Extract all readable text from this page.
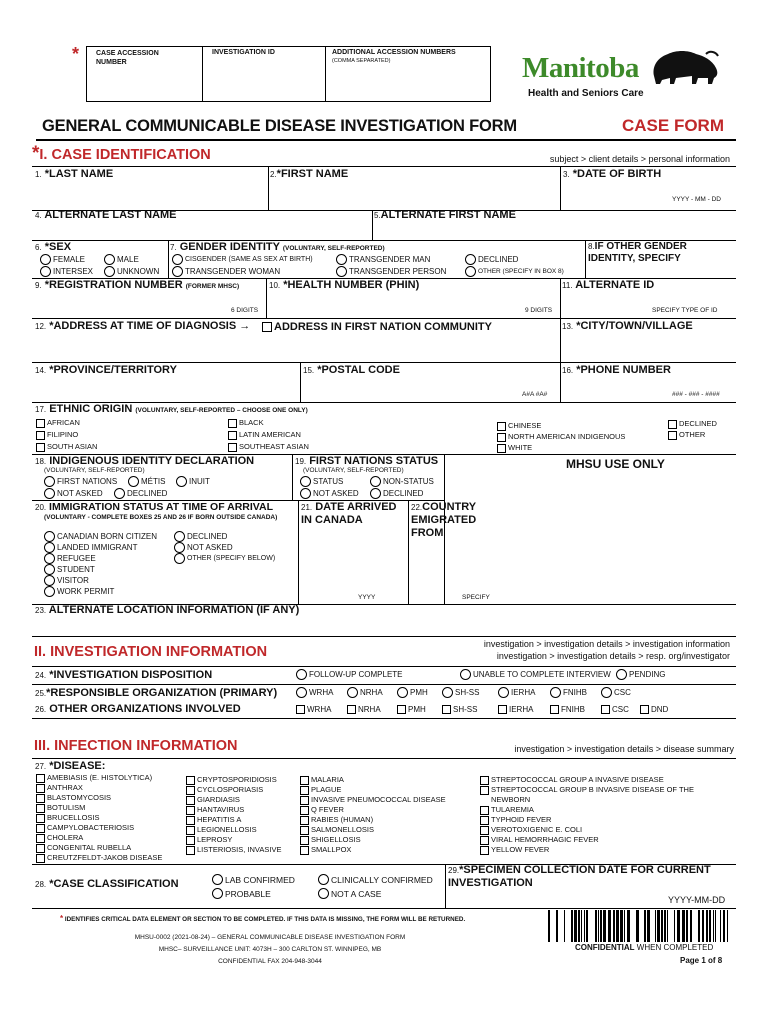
* CASE ACCESSION NUMBER
INVESTIGATION ID	ADDITIONAL ACCESSION NUMBERS
(COMMA SEPARATED)	Manitoba
Health and Seniors Care
GENERAL COMMUNICABLE DISEASE INVESTIGATION FORM	CASE FORM
*I. CASE IDENTIFICATION	subject > client details > personal information
1. *LAST NAME	2.*FIRST NAME	3. *DATE OF BIRTH
YYYY - MM - DD
4. ALTERNATE LAST NAME	5.ALTERNATE FIRST NAME
6. *SEX
FEMALE	MALE
INTERSEX	UNKNOWN
7. GENDER IDENTITY (VOLUNTARY, SELF-REPORTED)
CISGENDER (SAME AS SEX AT BIRTH)	TRANSGENDER MAN	DECLINED
TRANSGENDER WOMAN	TRANSGENDER PERSON	OTHER (SPECIFY IN BOX 8)
8.IF OTHER GENDER IDENTITY, SPECIFY
9. *REGISTRATION NUMBER (FORMER MHSC)
6 DIGITS
10. *HEALTH NUMBER (PHIN)
9 DIGITS
11. ALTERNATE ID
SPECIFY TYPE OF ID
12. *ADDRESS AT TIME OF DIAGNOSIS → ADDRESS IN FIRST NATION COMMUNITY	13. *CITY/TOWN/VILLAGE
14. *PROVINCE/TERRITORY	15. *POSTAL CODE
A#A #A#
16. *PHONE NUMBER
### - ### - ####
17. ETHNIC ORIGIN (VOLUNTARY, SELF-REPORTED – CHOOSE ONE ONLY)
AFRICAN
FILIPINO
SOUTH ASIAN
BLACK
LATIN AMERICAN
SOUTHEAST ASIAN
CHINESE
NORTH AMERICAN INDIGENOUS
WHITE
DECLINED
OTHER
18. INDIGENOUS IDENTITY DECLARATION
(VOLUNTARY, SELF-REPORTED)
FIRST NATIONS	MÉTIS	INUIT
NOT ASKED	DECLINED
19. FIRST NATIONS STATUS
(VOLUNTARY, SELF-REPORTED)
STATUS	NON-STATUS
NOT ASKED	DECLINED
MHSU USE ONLY
20. IMMIGRATION STATUS AT TIME OF ARRIVAL
(VOLUNTARY - COMPLETE BOXES 25 AND 26 IF BORN OUTSIDE CANADA)
CANADIAN BORN CITIZEN
LANDED IMMIGRANT
REFUGEE
STUDENT
VISITOR
WORK PERMIT
DECLINED
NOT ASKED
OTHER (SPECIFY BELOW)
21. DATE ARRIVED IN CANADA
YYYY
22.COUNTRY EMIGRATED FROM
SPECIFY
23. ALTERNATE LOCATION INFORMATION (IF ANY)
II. INVESTIGATION INFORMATION	investigation > investigation details > investigation information
investigation > investigation details > resp. org/investigator
24. *INVESTIGATION DISPOSITION	FOLLOW-UP COMPLETE	UNABLE TO COMPLETE INTERVIEW PENDING
25.*RESPONSIBLE ORGANIZATION (PRIMARY)	WRHA	NRHA	PMH	SH-SS	IERHA	FNIHB	CSC
26. OTHER ORGANIZATIONS INVOLVED	WRHA	NRHA	PMH	SH-SS	IERHA	FNIHB	CSC	DND
III. INFECTION INFORMATION	investigation > investigation details > disease summary
27. *DISEASE:
AMEBIASIS (E. HISTOLYTICA)
ANTHRAX
BLASTOMYCOSIS
BOTULISM
BRUCELLOSIS
CAMPYLOBACTERIOSIS
CHOLERA
CONGENITAL RUBELLA
CREUTZFELDT-JAKOB DISEASE
CRYPTOSPORIDIOSIS
CYCLOSPORIASIS
GIARDIASIS
HANTAVIRUS
HEPATITIS A
LEGIONELLOSIS
LEPROSY
LISTERIOSIS, INVASIVE
MALARIA
PLAGUE
INVASIVE PNEUMOCOCCAL DISEASE
Q FEVER
RABIES (HUMAN)
SALMONELLOSIS
SHIGELLOSIS
SMALLPOX
STREPTOCOCCAL GROUP A INVASIVE DISEASE
STREPTOCOCCAL GROUP B INVASIVE DISEASE OF THE
NEWBORN
TULAREMIA
TYPHOID FEVER
VEROTOXIGENIC E. COLI
VIRAL HEMORRHAGIC FEVER
YELLOW FEVER
28. *CASE CLASSIFICATION	LAB CONFIRMED	CLINICALLY CONFIRMED
PROBABLE	NOT A CASE
29.*SPECIMEN COLLECTION DATE FOR CURRENT INVESTIGATION
YYYY-MM-DD
* IDENTIFIES CRITICAL DATA ELEMENT OR SECTION TO BE COMPLETED. IF THIS DATA IS MISSING, THE FORM WILL BE RETURNED.
MHSU-0002 (2021-08-24) – GENERAL COMMUNICABLE DISEASE INVESTIGATION FORM
MHSC– SURVEILLANCE UNIT: 4073H – 300 CARLTON ST. WINNIPEG, MB
CONFIDENTIAL FAX 204-948-3044
CONFIDENTIAL WHEN COMPLETED
Page 1 of 8
